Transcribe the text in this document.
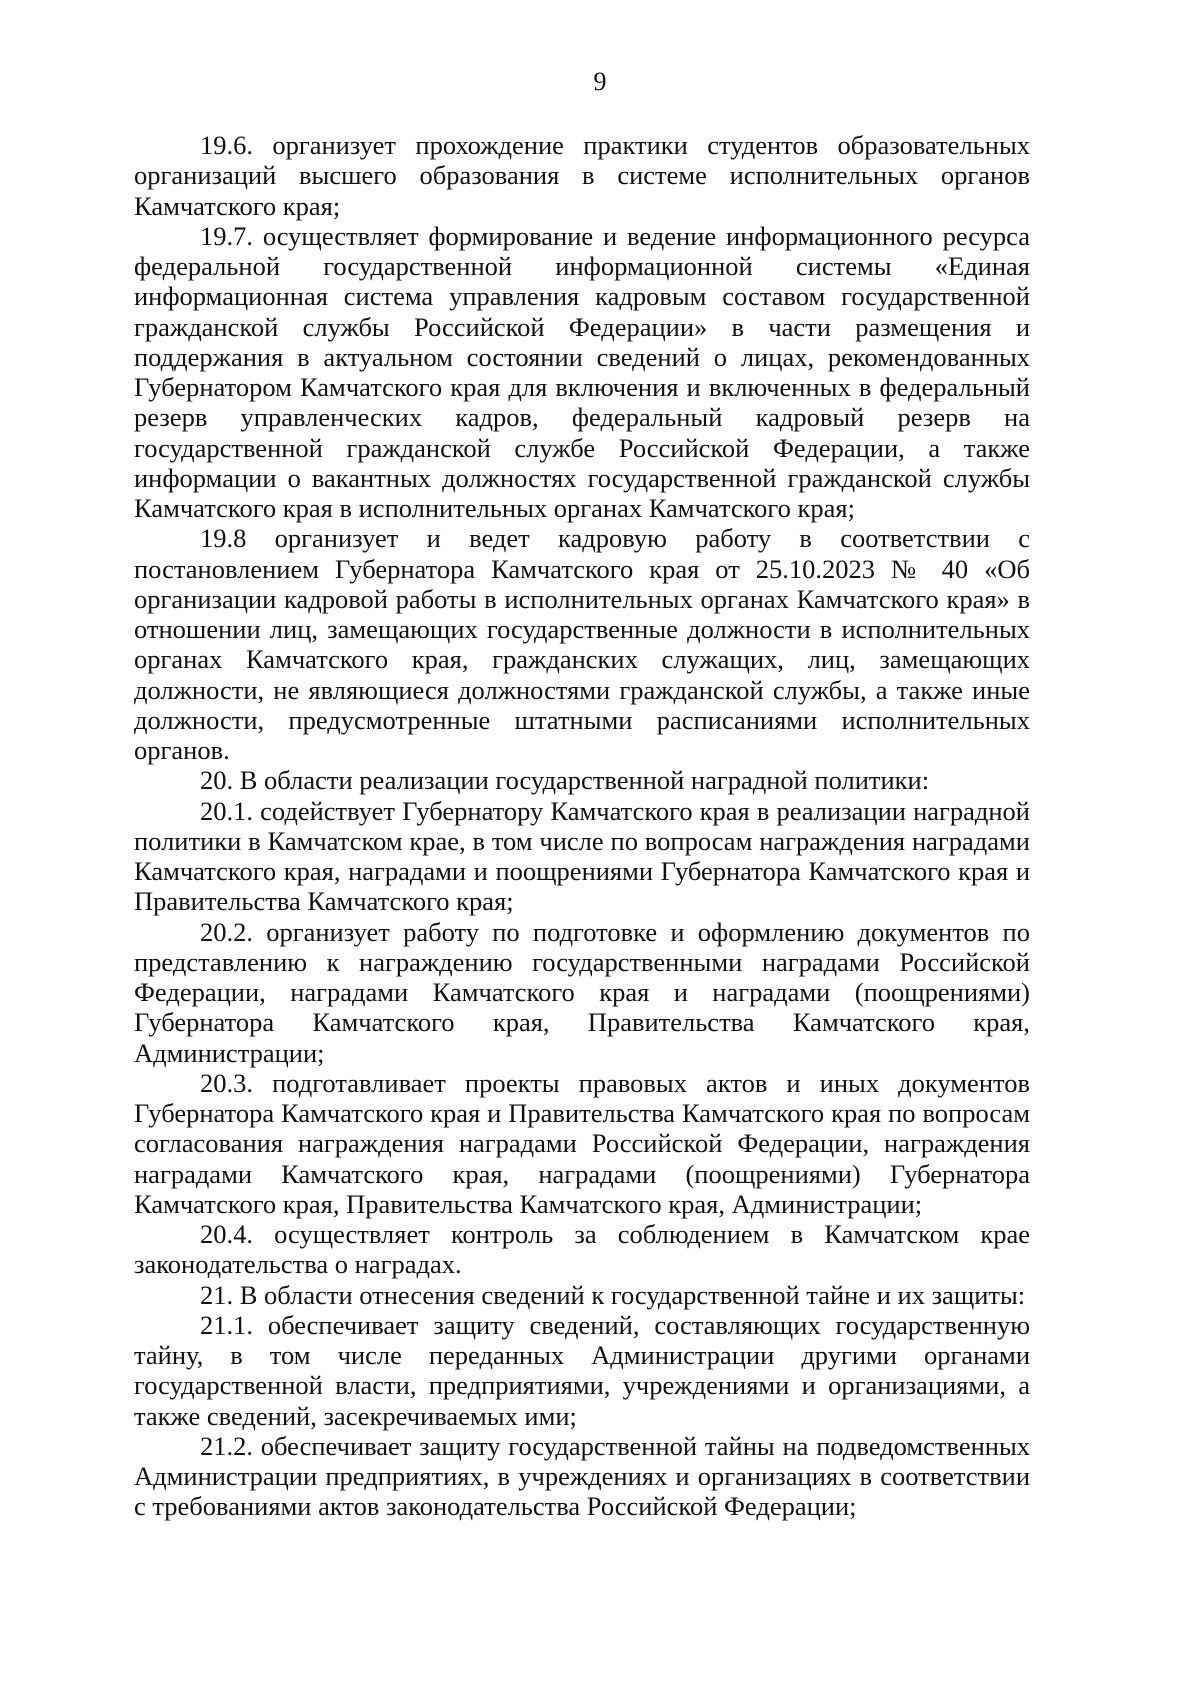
9

19.6. организует прохождение практики студентов образовательных организаций высшего образования в системе исполнительных органов Камчатского края;

19.7. осуществляет формирование и ведение информационного ресурса федеральной государственной информационной системы «Единая информационная система управления кадровым составом государственной гражданской службы Российской Федерации» в части размещения и поддержания в актуальном состоянии сведений о лицах, рекомендованных Губернатором Камчатского края для включения и включенных в федеральный резерв управленческих кадров, федеральный кадровый резерв на государственной гражданской службе Российской Федерации, а также информации о вакантных должностях государственной гражданской службы Камчатского края в исполнительных органах Камчатского края;

19.8 организует и ведет кадровую работу в соответствии с постановлением Губернатора Камчатского края от 25.10.2023 № 40 «Об организации кадровой работы в исполнительных органах Камчатского края» в отношении лиц, замещающих государственные должности в исполнительных органах Камчатского края, гражданских служащих, лиц, замещающих должности, не являющиеся должностями гражданской службы, а также иные должности, предусмотренные штатными расписаниями исполнительных органов.

20. В области реализации государственной наградной политики:

20.1. содействует Губернатору Камчатского края в реализации наградной политики в Камчатском крае, в том числе по вопросам награждения наградами Камчатского края, наградами и поощрениями Губернатора Камчатского края и Правительства Камчатского края;

20.2. организует работу по подготовке и оформлению документов по представлению к награждению государственными наградами Российской Федерации, наградами Камчатского края и наградами (поощрениями) Губернатора Камчатского края, Правительства Камчатского края, Администрации;

20.3. подготавливает проекты правовых актов и иных документов Губернатора Камчатского края и Правительства Камчатского края по вопросам согласования награждения наградами Российской Федерации, награждения наградами Камчатского края, наградами (поощрениями) Губернатора Камчатского края, Правительства Камчатского края, Администрации;

20.4. осуществляет контроль за соблюдением в Камчатском крае законодательства о наградах.

21. В области отнесения сведений к государственной тайне и их защиты:

21.1. обеспечивает защиту сведений, составляющих государственную тайну, в том числе переданных Администрации другими органами государственной власти, предприятиями, учреждениями и организациями, а также сведений, засекречиваемых ими;

21.2. обеспечивает защиту государственной тайны на подведомственных Администрации предприятиях, в учреждениях и организациях в соответствии с требованиями актов законодательства Российской Федерации;
